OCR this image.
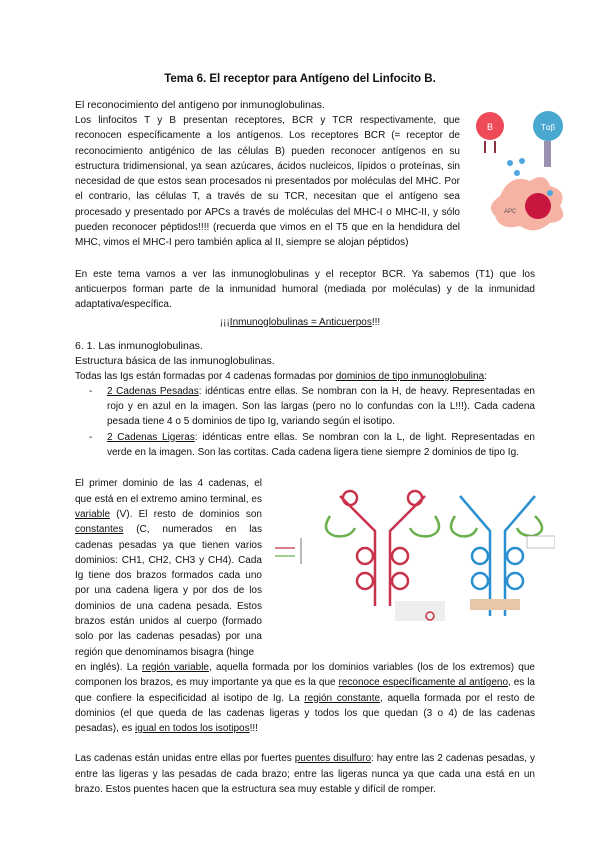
Tema 6. El receptor para Antígeno del Linfocito B.
El reconocimiento del antígeno por inmunoglobulinas.
Los linfocitos T y B presentan receptores, BCR y TCR respectivamente, que reconocen específicamente a los antígenos. Los receptores BCR (= receptor de reconocimiento antigénico de las células B) pueden reconocer antígenos en su estructura tridimensional, ya sean azúcares, ácidos nucleicos, lípidos o proteínas, sin necesidad de que estos sean procesados ni presentados por moléculas del MHC. Por el contrario, las células T, a través de su TCR, necesitan que el antígeno sea procesado y presentado por APCs a través de moléculas del MHC-I o MHC-II, y sólo pueden reconocer péptidos!!!! (recuerda que vimos en el T5 que en la hendidura del MHC, vimos el MHC-I pero también aplica al II, siempre se alojan péptidos)
B	Tαβ
APC
En este tema vamos a ver las inmunoglobulinas y el receptor BCR. Ya sabemos (T1) que los anticuerpos forman parte de la inmunidad humoral (mediada por moléculas) y de la inmunidad adaptativa/específica.
¡¡¡Inmunoglobulinas = Anticuerpos!!!
6. 1. Las inmunoglobulinas.
Estructura básica de las inmunoglobulinas.
Todas las Igs están formadas por 4 cadenas formadas por dominios de tipo inmunoglobulina:
- 2 Cadenas Pesadas: idénticas entre ellas. Se nombran con la H, de heavy. Representadas en rojo y en azul en la imagen. Son las largas (pero no lo confundas con la L!!!). Cada cadena pesada tiene 4 o 5 dominios de tipo Ig, variando según el isotipo.
- 2 Cadenas Ligeras: idénticas entre ellas. Se nombran con la L, de light. Representadas en verde en la imagen. Son las cortitas. Cada cadena ligera tiene siempre 2 dominios de tipo Ig.
El primer dominio de las 4 cadenas, el que está en el extremo amino terminal, es variable (V). El resto de dominios son constantes (C, numerados en las cadenas pesadas ya que tienen varios dominios: CH1, CH2, CH3 y CH4). Cada Ig tiene dos brazos formados cada uno por una cadena ligera y por dos de los dominios de una cadena pesada. Estos brazos están unidos al cuerpo (formado solo por las cadenas pesadas) por una región que denominamos bisagra (hinge
en inglés). La región variable, aquella formada por los dominios variables (los de los extremos) que componen los brazos, es muy importante ya que es la que reconoce específicamente al antígeno, es la que confiere la especificidad al isotipo de Ig. La región constante, aquella formada por el resto de dominios (el que queda de las cadenas ligeras y todos los que quedan (3 o 4) de las cadenas pesadas), es igual en todos los isotipos!!!
Las cadenas están unidas entre ellas por fuertes puentes disulfuro: hay entre las 2 cadenas pesadas, y entre las ligeras y las pesadas de cada brazo; entre las ligeras nunca ya que cada una está en un brazo. Estos puentes hacen que la estructura sea muy estable y difícil de romper.
